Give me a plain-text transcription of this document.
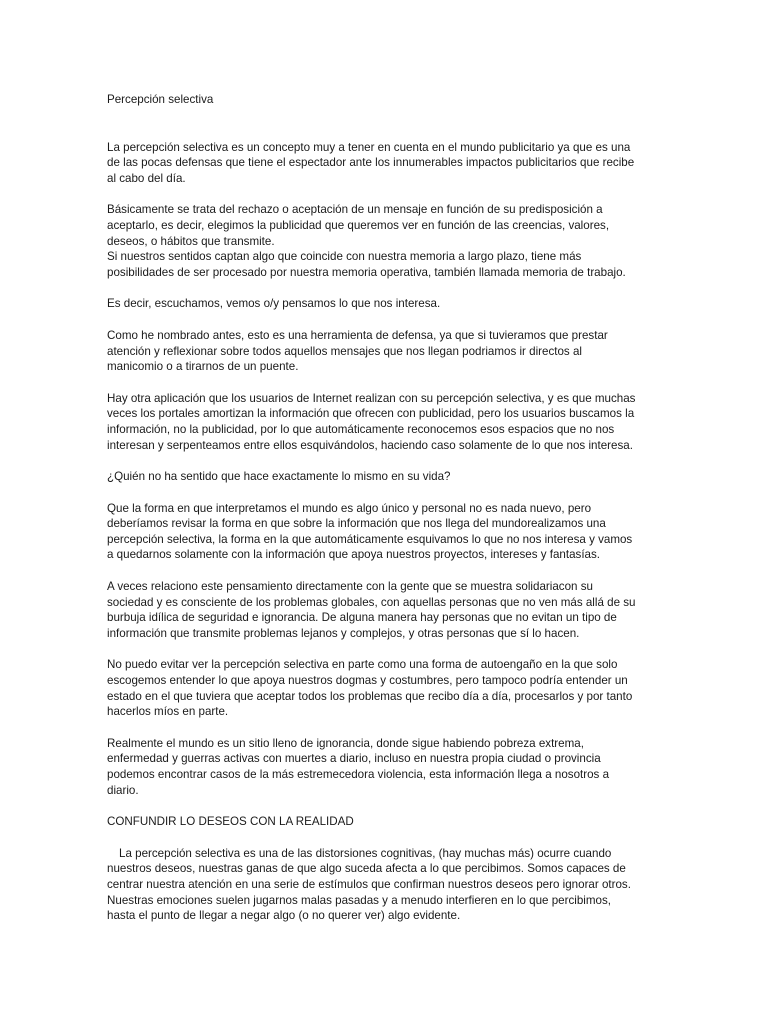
Percepción selectiva

La percepción selectiva es un concepto muy a tener en cuenta en el mundo publicitario ya que es una
de las pocas defensas que tiene el espectador ante los innumerables impactos publicitarios que recibe
al cabo del día.

Básicamente se trata del rechazo o aceptación de un mensaje en función de su predisposición a
aceptarlo, es decir, elegimos la publicidad que queremos ver en función de las creencias, valores,
deseos, o hábitos que transmite.
Si nuestros sentidos captan algo que coincide con nuestra memoria a largo plazo, tiene más
posibilidades de ser procesado por nuestra memoria operativa, también llamada memoria de trabajo.

Es decir, escuchamos, vemos o/y pensamos lo que nos interesa.

Como he nombrado antes, esto es una herramienta de defensa, ya que si tuvieramos que prestar
atención y reflexionar sobre todos aquellos mensajes que nos llegan podriamos ir directos al
manicomio o a tirarnos de un puente.

Hay otra aplicación que los usuarios de Internet realizan con su percepción selectiva, y es que muchas
veces los portales amortizan la información que ofrecen con publicidad, pero los usuarios buscamos la
información, no la publicidad, por lo que automáticamente reconocemos esos espacios que no nos
interesan y serpenteamos entre ellos esquivándolos, haciendo caso solamente de lo que nos interesa.

¿Quién no ha sentido que hace exactamente lo mismo en su vida?

Que la forma en que interpretamos el mundo es algo único y personal no es nada nuevo, pero
deberíamos revisar la forma en que sobre la información que nos llega del mundorealizamos una
percepción selectiva, la forma en la que automáticamente esquivamos lo que no nos interesa y vamos
a quedarnos solamente con la información que apoya nuestros proyectos, intereses y fantasías.

A veces relaciono este pensamiento directamente con la gente que se muestra solidariacon su
sociedad y es consciente de los problemas globales, con aquellas personas que no ven más allá de su
burbuja idílica de seguridad e ignorancia. De alguna manera hay personas que no evitan un tipo de
información que transmite problemas lejanos y complejos, y otras personas que sí lo hacen.

No puedo evitar ver la percepción selectiva en parte como una forma de autoengaño en la que solo
escogemos entender lo que apoya nuestros dogmas y costumbres, pero tampoco podría entender un
estado en el que tuviera que aceptar todos los problemas que recibo día a día, procesarlos y por tanto
hacerlos míos en parte.

Realmente el mundo es un sitio lleno de ignorancia, donde sigue habiendo pobreza extrema,
enfermedad y guerras activas con muertes a diario, incluso en nuestra propia ciudad o provincia
podemos encontrar casos de la más estremecedora violencia, esta información llega a nosotros a
diario.

CONFUNDIR LO DESEOS CON LA REALIDAD

La percepción selectiva es una de las distorsiones cognitivas, (hay muchas más) ocurre cuando
nuestros deseos, nuestras ganas de que algo suceda afecta a lo que percibimos. Somos capaces de
centrar nuestra atención en una serie de estímulos que confirman nuestros deseos pero ignorar otros.
Nuestras emociones suelen jugarnos malas pasadas y a menudo interfieren en lo que percibimos,
hasta el punto de llegar a negar algo (o no querer ver) algo evidente.
